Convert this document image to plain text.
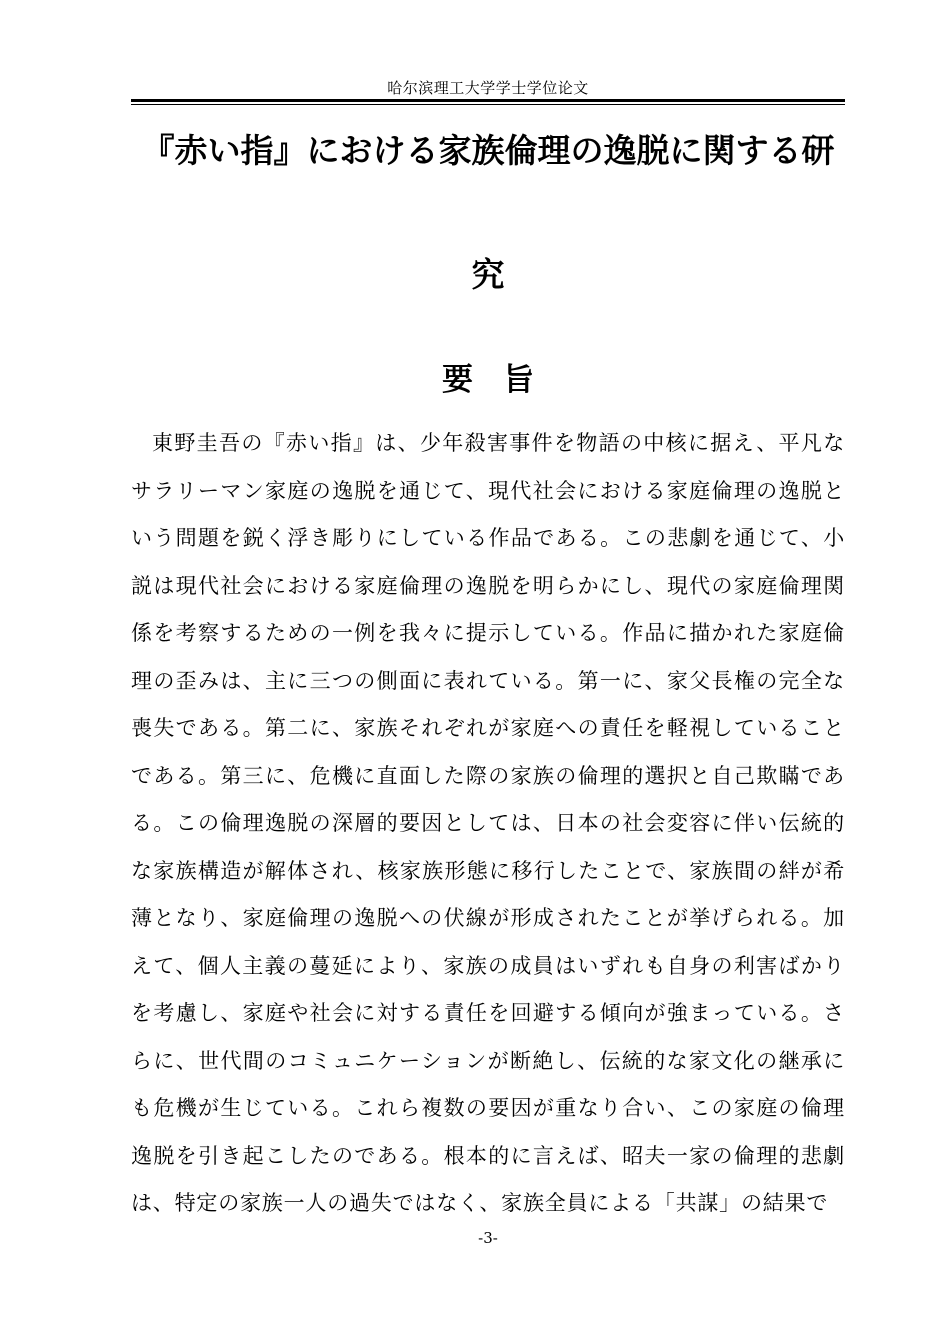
哈尔滨理工大学学士学位论文
『赤い指』における家族倫理の逸脱に関する研
究
要旨
東野圭吾の『赤い指』は、少年殺害事件を物語の中核に据え、平凡なサラリーマン家庭の逸脱を通じて、現代社会における家庭倫理の逸脱という問題を鋭く浮き彫りにしている作品である。この悲劇を通じて、小説は現代社会における家庭倫理の逸脱を明らかにし、現代の家庭倫理関係を考察するための一例を我々に提示している。作品に描かれた家庭倫理の歪みは、主に三つの側面に表れている。第一に、家父長権の完全な喪失である。第二に、家族それぞれが家庭への責任を軽視していることである。第三に、危機に直面した際の家族の倫理的選択と自己欺瞞である。この倫理逸脱の深層的要因としては、日本の社会変容に伴い伝統的な家族構造が解体され、核家族形態に移行したことで、家族間の絆が希薄となり、家庭倫理の逸脱への伏線が形成されたことが挙げられる。加えて、個人主義の蔓延により、家族の成員はいずれも自身の利害ばかりを考慮し、家庭や社会に対する責任を回避する傾向が強まっている。さらに、世代間のコミュニケーションが断絶し、伝統的な家文化の継承にも危機が生じている。これら複数の要因が重なり合い、この家庭の倫理逸脱を引き起こしたのである。根本的に言えば、昭夫一家の倫理的悲劇は、特定の家族一人の過失ではなく、家族全員による「共謀」の結果で
-3-
